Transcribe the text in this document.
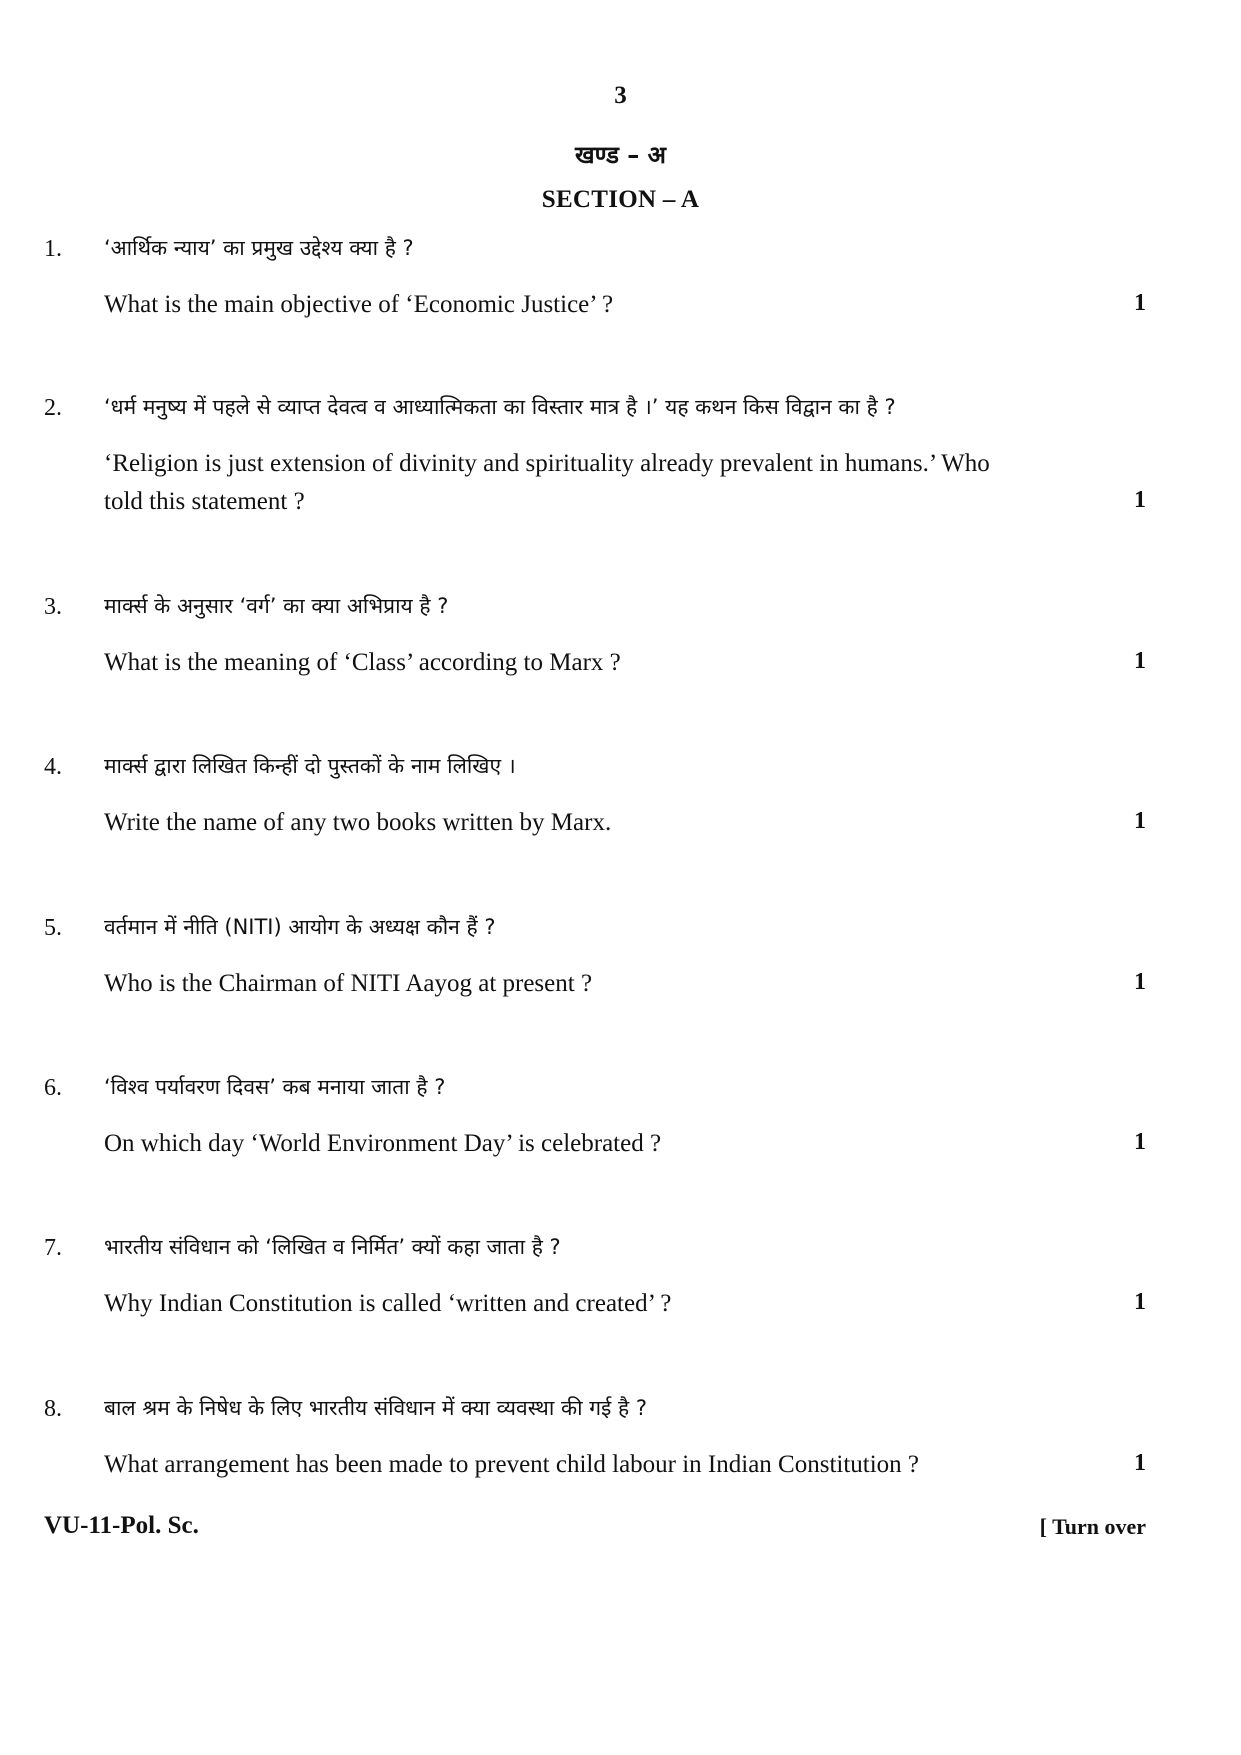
3
खण्ड – अ
SECTION – A
1. ‘आर्थिक न्याय’ का प्रमुख उद्देश्य क्या है ?
What is the main objective of ‘Economic Justice’ ?	1
2. ‘धर्म मनुष्य में पहले से व्याप्त देवत्व व आध्यात्मिकता का विस्तार मात्र है ।’ यह कथन किस विद्वान का है ?
‘Religion is just extension of divinity and spirituality already prevalent in humans.’ Who
told this statement ?	1
3. मार्क्स के अनुसार ‘वर्ग’ का क्या अभिप्राय है ?
What is the meaning of ‘Class’ according to Marx ?	1
4. मार्क्स द्वारा लिखित किन्हीं दो पुस्तकों के नाम लिखिए ।
Write the name of any two books written by Marx.	1
5. वर्तमान में नीति (NITI) आयोग के अध्यक्ष कौन हैं ?
Who is the Chairman of NITI Aayog at present ?	1
6. ‘विश्व पर्यावरण दिवस’ कब मनाया जाता है ?
On which day ‘World Environment Day’ is celebrated ?	1
7. भारतीय संविधान को ‘लिखित व निर्मित’ क्यों कहा जाता है ?
Why Indian Constitution is called ‘written and created’ ?	1
8. बाल श्रम के निषेध के लिए भारतीय संविधान में क्या व्यवस्था की गई है ?
What arrangement has been made to prevent child labour in Indian Constitution ?	1
VU-11-Pol. Sc.	[ Turn over
